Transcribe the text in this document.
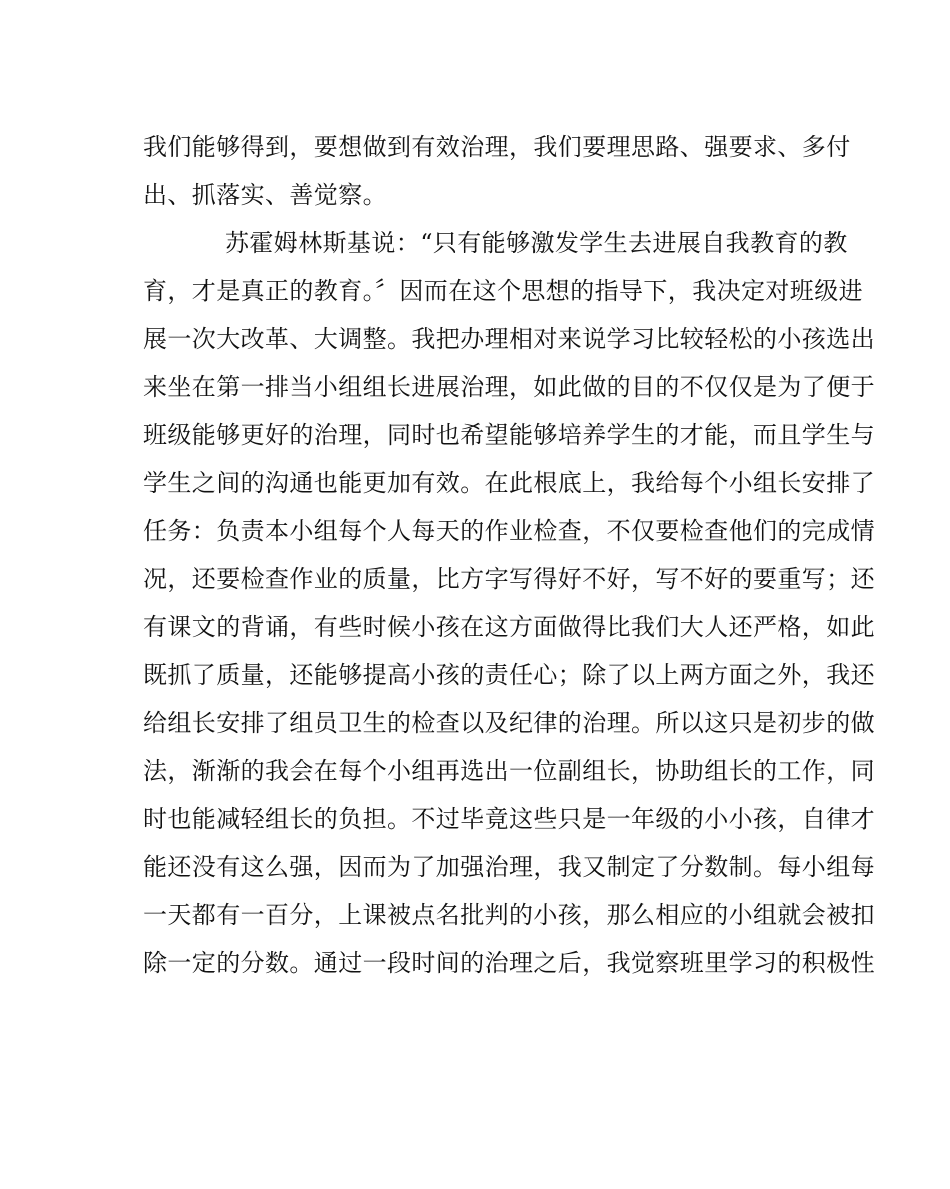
我们能够得到，要想做到有效治理，我们要理思路、强要求、多付
出、抓落实、善觉察。
苏霍姆林斯基说：“只有能够激发学生去进展自我教育的教
育，才是真正的教育。〞因而在这个思想的指导下，我决定对班级进
展一次大改革、大调整。我把办理相对来说学习比较轻松的小孩选出
来坐在第一排当小组组长进展治理，如此做的目的不仅仅是为了便于
班级能够更好的治理，同时也希望能够培养学生的才能，而且学生与
学生之间的沟通也能更加有效。在此根底上，我给每个小组长安排了
任务：负责本小组每个人每天的作业检查，不仅要检查他们的完成情
况，还要检查作业的质量，比方字写得好不好，写不好的要重写；还
有课文的背诵，有些时候小孩在这方面做得比我们大人还严格，如此
既抓了质量，还能够提高小孩的责任心；除了以上两方面之外，我还
给组长安排了组员卫生的检查以及纪律的治理。所以这只是初步的做
法，渐渐的我会在每个小组再选出一位副组长，协助组长的工作，同
时也能减轻组长的负担。不过毕竟这些只是一年级的小小孩，自律才
能还没有这么强，因而为了加强治理，我又制定了分数制。每小组每
一天都有一百分，上课被点名批判的小孩，那么相应的小组就会被扣
除一定的分数。通过一段时间的治理之后，我觉察班里学习的积极性
